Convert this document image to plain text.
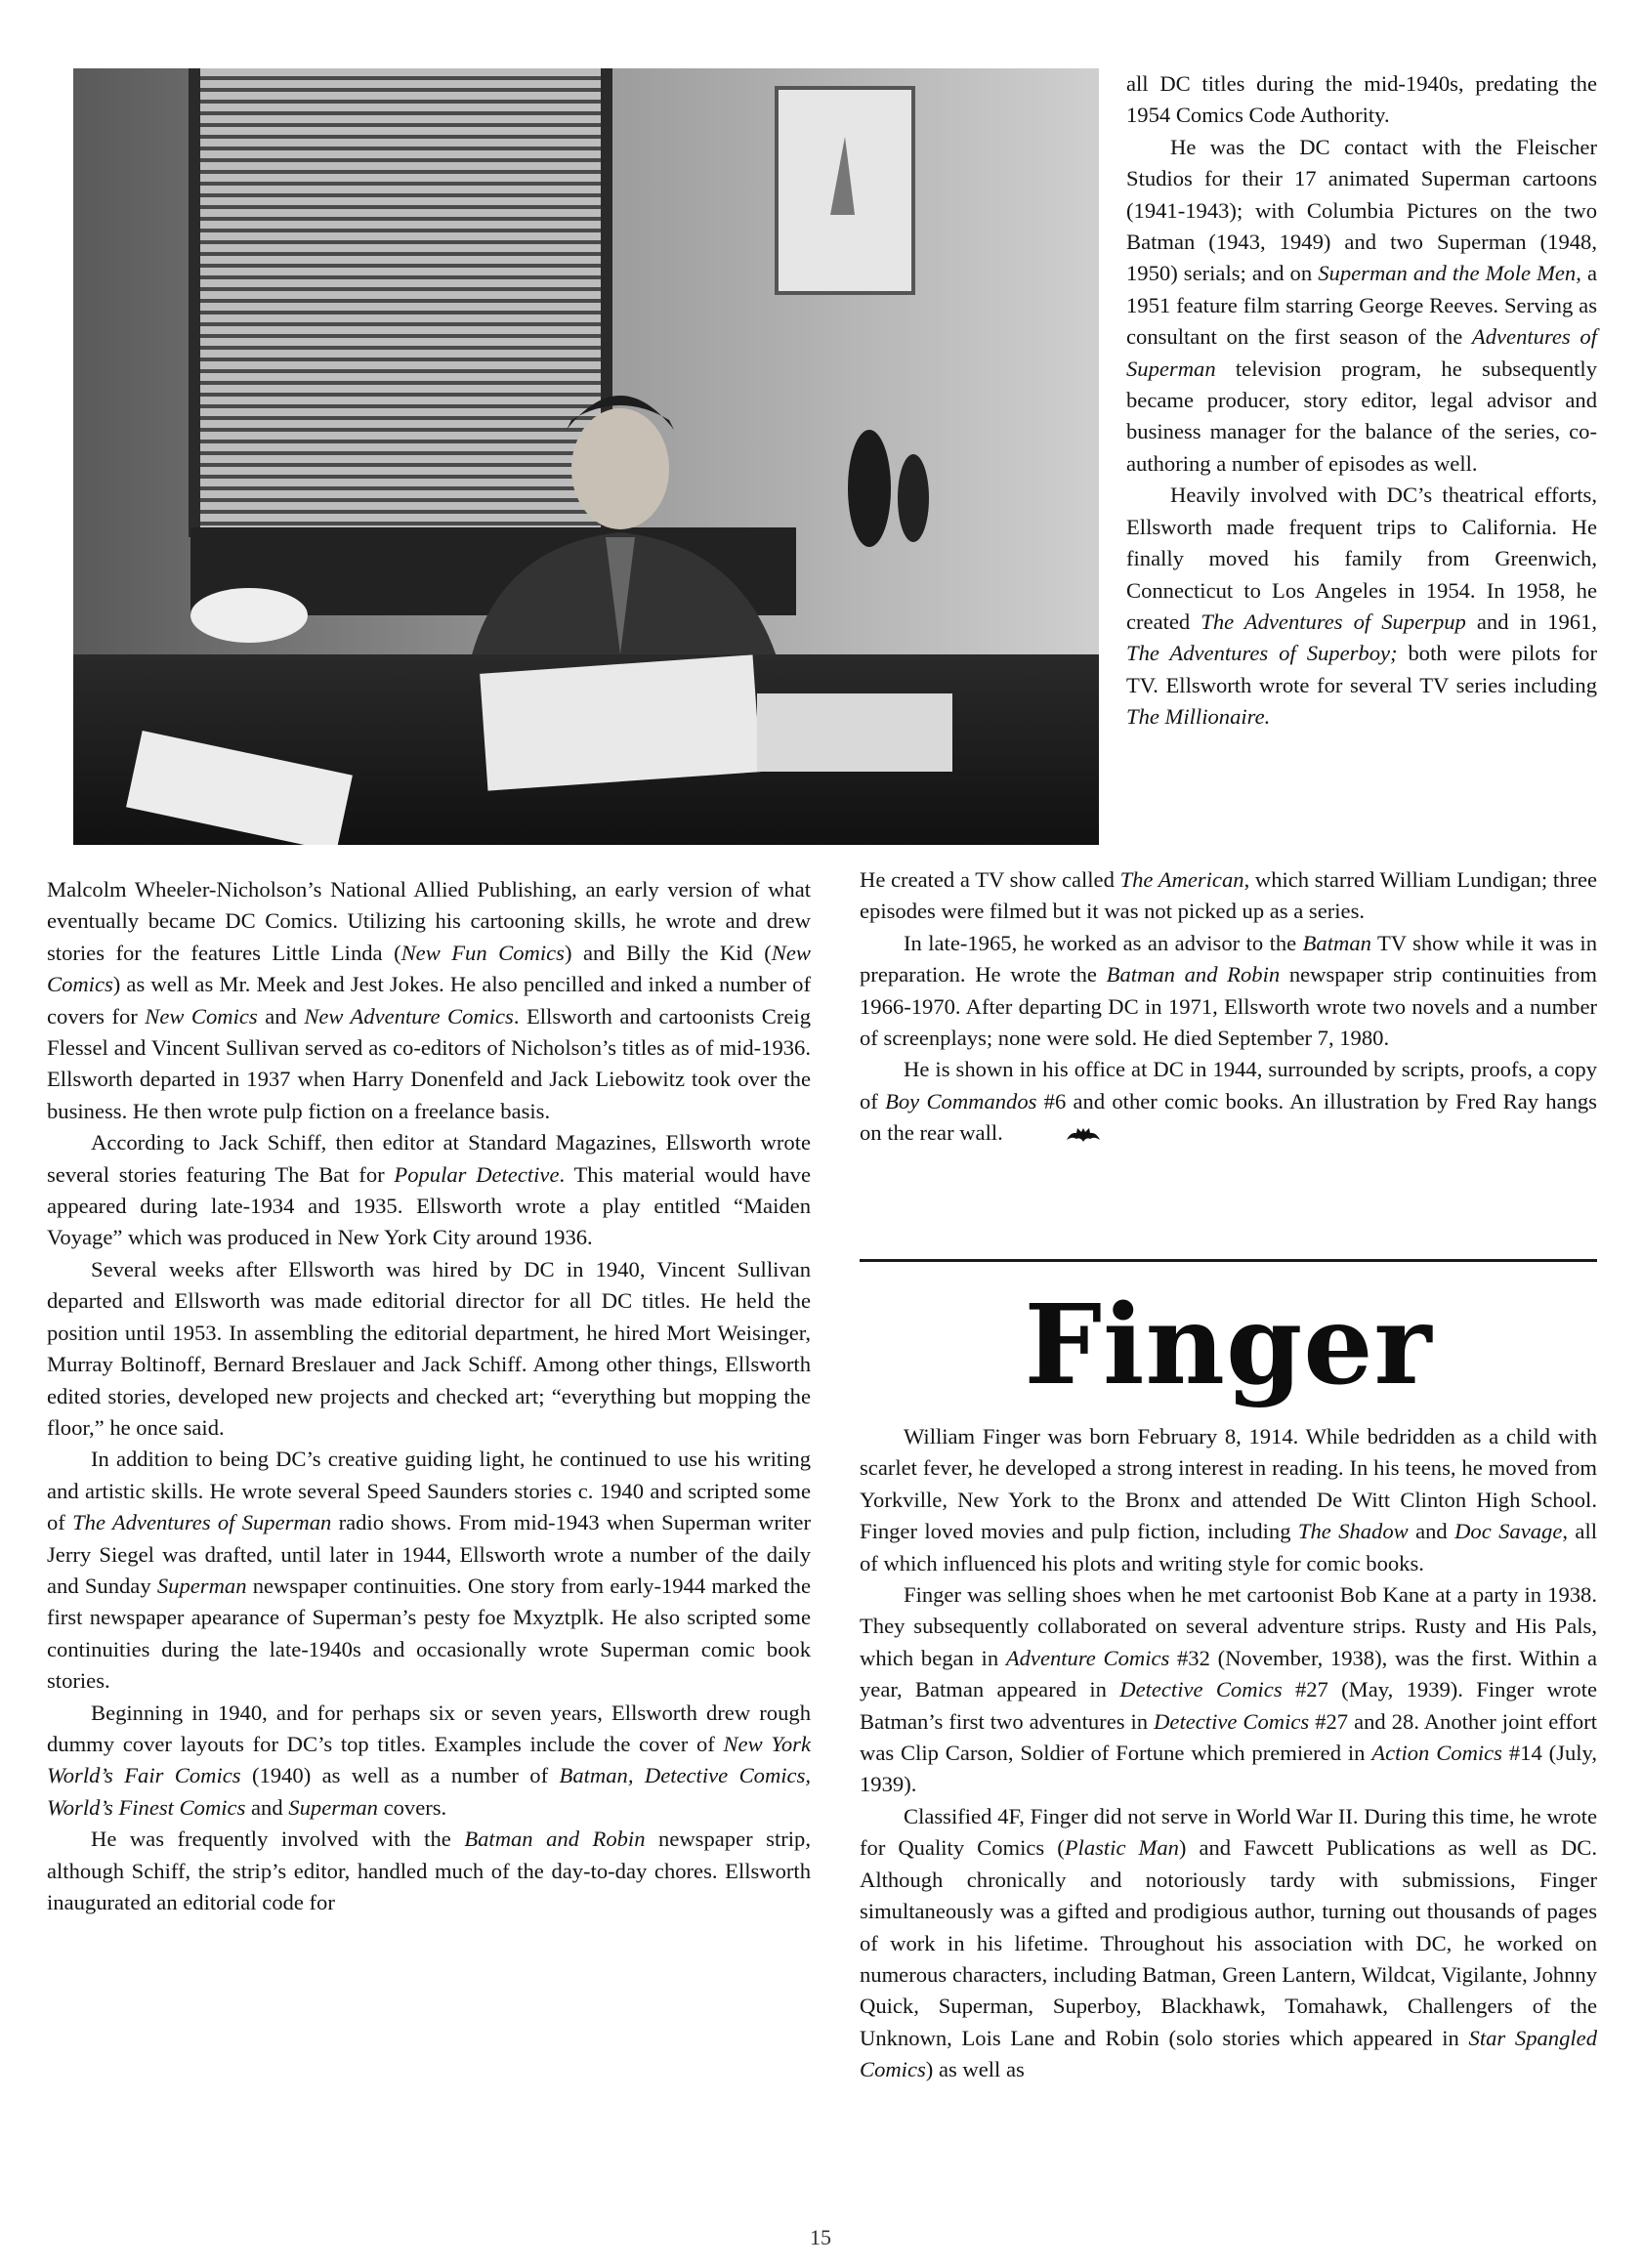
all DC titles during the mid-1940s, predating the 1954 Comics Code Authority.

He was the DC contact with the Fleischer Studios for their 17 animated Superman cartoons (1941-1943); with Columbia Pictures on the two Batman (1943, 1949) and two Superman (1948, 1950) serials; and on Superman and the Mole Men, a 1951 feature film starring George Reeves. Serving as consultant on the first season of the Adventures of Superman television program, he subsequently became producer, story editor, legal advisor and business manager for the balance of the series, co-authoring a number of episodes as well.

Heavily involved with DC’s theatrical efforts, Ellsworth made frequent trips to California. He finally moved his family from Greenwich, Connecticut to Los Angeles in 1954. In 1958, he created The Adventures of Superpup and in 1961, The Adventures of Superboy; both were pilots for TV. Ellsworth wrote for several TV series including The Millionaire.

He created a TV show called The American, which starred William Lundigan; three episodes were filmed but it was not picked up as a series.

In late-1965, he worked as an advisor to the Batman TV show while it was in preparation. He wrote the Batman and Robin newspaper strip continuities from 1966-1970. After departing DC in 1971, Ellsworth wrote two novels and a number of screenplays; none were sold. He died September 7, 1980.

He is shown in his office at DC in 1944, surrounded by scripts, proofs, a copy of Boy Commandos #6 and other comic books. An illustration by Fred Ray hangs on the rear wall.

Finger

William Finger was born February 8, 1914. While bedridden as a child with scarlet fever, he developed a strong interest in reading. In his teens, he moved from Yorkville, New York to the Bronx and attended De Witt Clinton High School. Finger loved movies and pulp fiction, including The Shadow and Doc Savage, all of which influenced his plots and writing style for comic books.

Finger was selling shoes when he met cartoonist Bob Kane at a party in 1938. They subsequently collaborated on several adventure strips. Rusty and His Pals, which began in Adventure Comics #32 (November, 1938), was the first. Within a year, Batman appeared in Detective Comics #27 (May, 1939). Finger wrote Batman’s first two adventures in Detective Comics #27 and 28. Another joint effort was Clip Carson, Soldier of Fortune which premiered in Action Comics #14 (July, 1939).

Classified 4F, Finger did not serve in World War II. During this time, he wrote for Quality Comics (Plastic Man) and Fawcett Publications as well as DC. Although chronically and notoriously tardy with submissions, Finger simultaneously was a gifted and prodigious author, turning out thousands of pages of work in his lifetime. Throughout his association with DC, he worked on numerous characters, including Batman, Green Lantern, Wildcat, Vigilante, Johnny Quick, Superman, Superboy, Blackhawk, Tomahawk, Challengers of the Unknown, Lois Lane and Robin (solo stories which appeared in Star Spangled Comics) as well as

Malcolm Wheeler-Nicholson’s National Allied Publishing, an early version of what eventually became DC Comics. Utilizing his cartooning skills, he wrote and drew stories for the features Little Linda (New Fun Comics) and Billy the Kid (New Comics) as well as Mr. Meek and Jest Jokes. He also pencilled and inked a number of covers for New Comics and New Adventure Comics. Ellsworth and cartoonists Creig Flessel and Vincent Sullivan served as co-editors of Nicholson’s titles as of mid-1936. Ellsworth departed in 1937 when Harry Donenfeld and Jack Liebowitz took over the business. He then wrote pulp fiction on a freelance basis.

According to Jack Schiff, then editor at Standard Magazines, Ellsworth wrote several stories featuring The Bat for Popular Detective. This material would have appeared during late-1934 and 1935. Ellsworth wrote a play entitled “Maiden Voyage” which was produced in New York City around 1936.

Several weeks after Ellsworth was hired by DC in 1940, Vincent Sullivan departed and Ellsworth was made editorial director for all DC titles. He held the position until 1953. In assembling the editorial department, he hired Mort Weisinger, Murray Boltinoff, Bernard Breslauer and Jack Schiff. Among other things, Ellsworth edited stories, developed new projects and checked art; “everything but mopping the floor,” he once said.

In addition to being DC’s creative guiding light, he continued to use his writing and artistic skills. He wrote several Speed Saunders stories c. 1940 and scripted some of The Adventures of Superman radio shows. From mid-1943 when Superman writer Jerry Siegel was drafted, until later in 1944, Ellsworth wrote a number of the daily and Sunday Superman newspaper continuities. One story from early-1944 marked the first newspaper apearance of Superman’s pesty foe Mxyztplk. He also scripted some continuities during the late-1940s and occasionally wrote Superman comic book stories.

Beginning in 1940, and for perhaps six or seven years, Ellsworth drew rough dummy cover layouts for DC’s top titles. Examples include the cover of New York World’s Fair Comics (1940) as well as a number of Batman, Detective Comics, World’s Finest Comics and Superman covers.

He was frequently involved with the Batman and Robin newspaper strip, although Schiff, the strip’s editor, handled much of the day-to-day chores. Ellsworth inaugurated an editorial code for

15
